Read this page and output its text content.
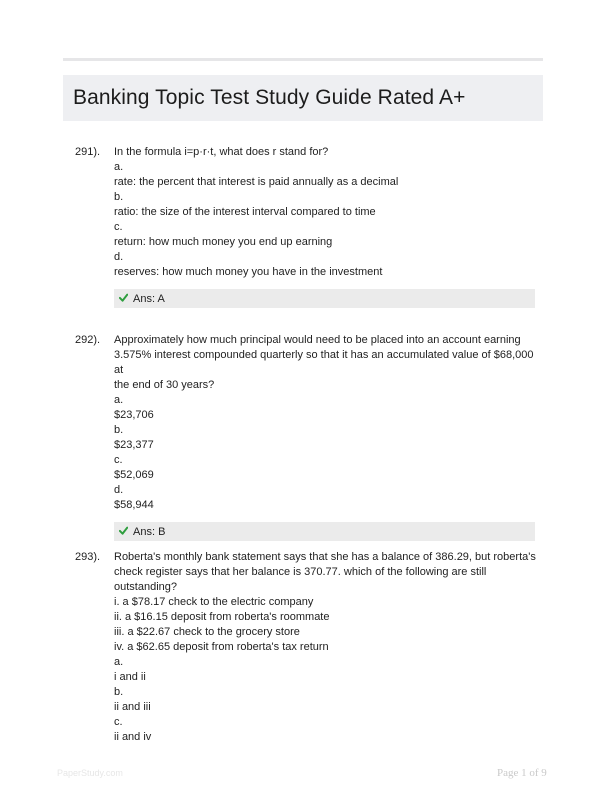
Banking Topic Test Study Guide Rated A+
291). In the formula i=p·r·t, what does r stand for?
a.
rate: the percent that interest is paid annually as a decimal
b.
ratio: the size of the interest interval compared to time
c.
return: how much money you end up earning
d.
reserves: how much money you have in the investment
Ans: A
292). Approximately how much principal would need to be placed into an account earning
3.575% interest compounded quarterly so that it has an accumulated value of $68,000 at
the end of 30 years?
a.
$23,706
b.
$23,377
c.
$52,069
d.
$58,944
Ans: B
293). Roberta's monthly bank statement says that she has a balance of 386.29, but roberta's
check register says that her balance is 370.77. which of the following are still
outstanding?
i. a $78.17 check to the electric company
ii. a $16.15 deposit from roberta's roommate
iii. a $22.67 check to the grocery store
iv. a $62.65 deposit from roberta's tax return
a.
i and ii
b.
ii and iii
c.
ii and iv
PaperStudy.com	Page 1 of 9
